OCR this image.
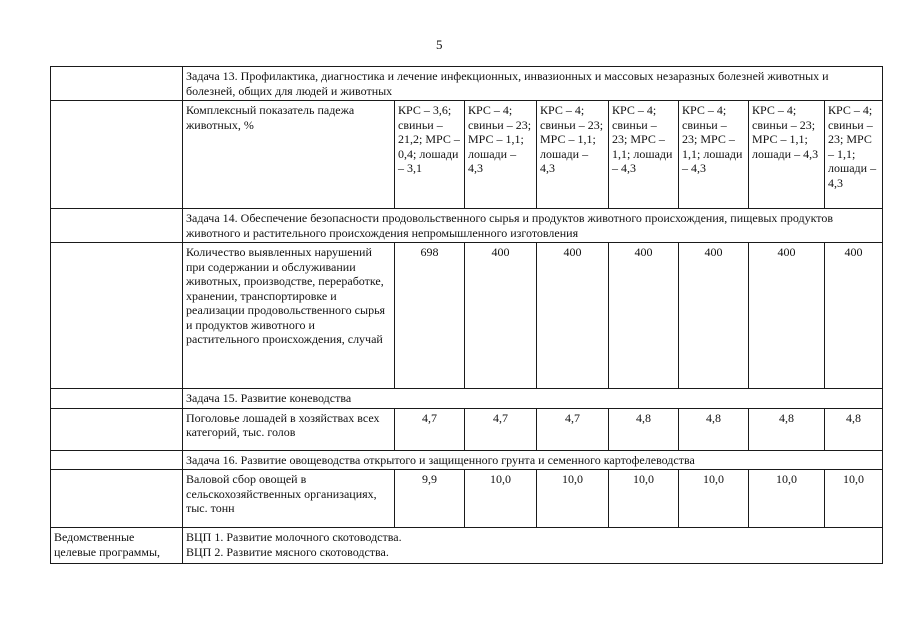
5
	Задача 13. Профилактика, диагностика и лечение инфекционных, инвазионных и массовых незаразных болезней животных и болезней, общих для людей и животных							
	Комплексный показатель падежа животных, %	КРС – 3,6; свиньи – 21,2; МРС – 0,4; лошади – 3,1	КРС – 4; свиньи – 23; МРС – 1,1; лошади – 4,3	КРС – 4; свиньи – 23; МРС – 1,1; лошади – 4,3	КРС – 4; свиньи – 23; МРС – 1,1; лошади – 4,3	КРС – 4; свиньи – 23; МРС – 1,1; лошади – 4,3	КРС – 4; свиньи – 23; МРС – 1,1; лошади – 4,3	КРС – 4; свиньи – 23; МРС – 1,1; лошади – 4,3
	Задача 14. Обеспечение безопасности продовольственного сырья и продуктов животного происхождения, пищевых продуктов животного и растительного происхождения непромышленного изготовления							
	Количество выявленных нарушений при содержании и обслуживании животных, производстве, переработке, хранении, транспортировке и реализации продовольственного сырья и продуктов животного и растительного происхождения, случай	698	400	400	400	400	400	400
	Задача 15. Развитие коневодства							
	Поголовье лошадей в хозяйствах всех категорий, тыс. голов	4,7	4,7	4,7	4,8	4,8	4,8	4,8
	Задача 16. Развитие овощеводства открытого и защищенного грунта и семенного картофелеводства							
	Валовой сбор овощей в сельскохозяйственных организациях, тыс. тонн	9,9	10,0	10,0	10,0	10,0	10,0	10,0
Ведомственные целевые программы,	ВЦП 1. Развитие молочного скотоводства.
ВЦП 2. Развитие мясного скотоводства.							
